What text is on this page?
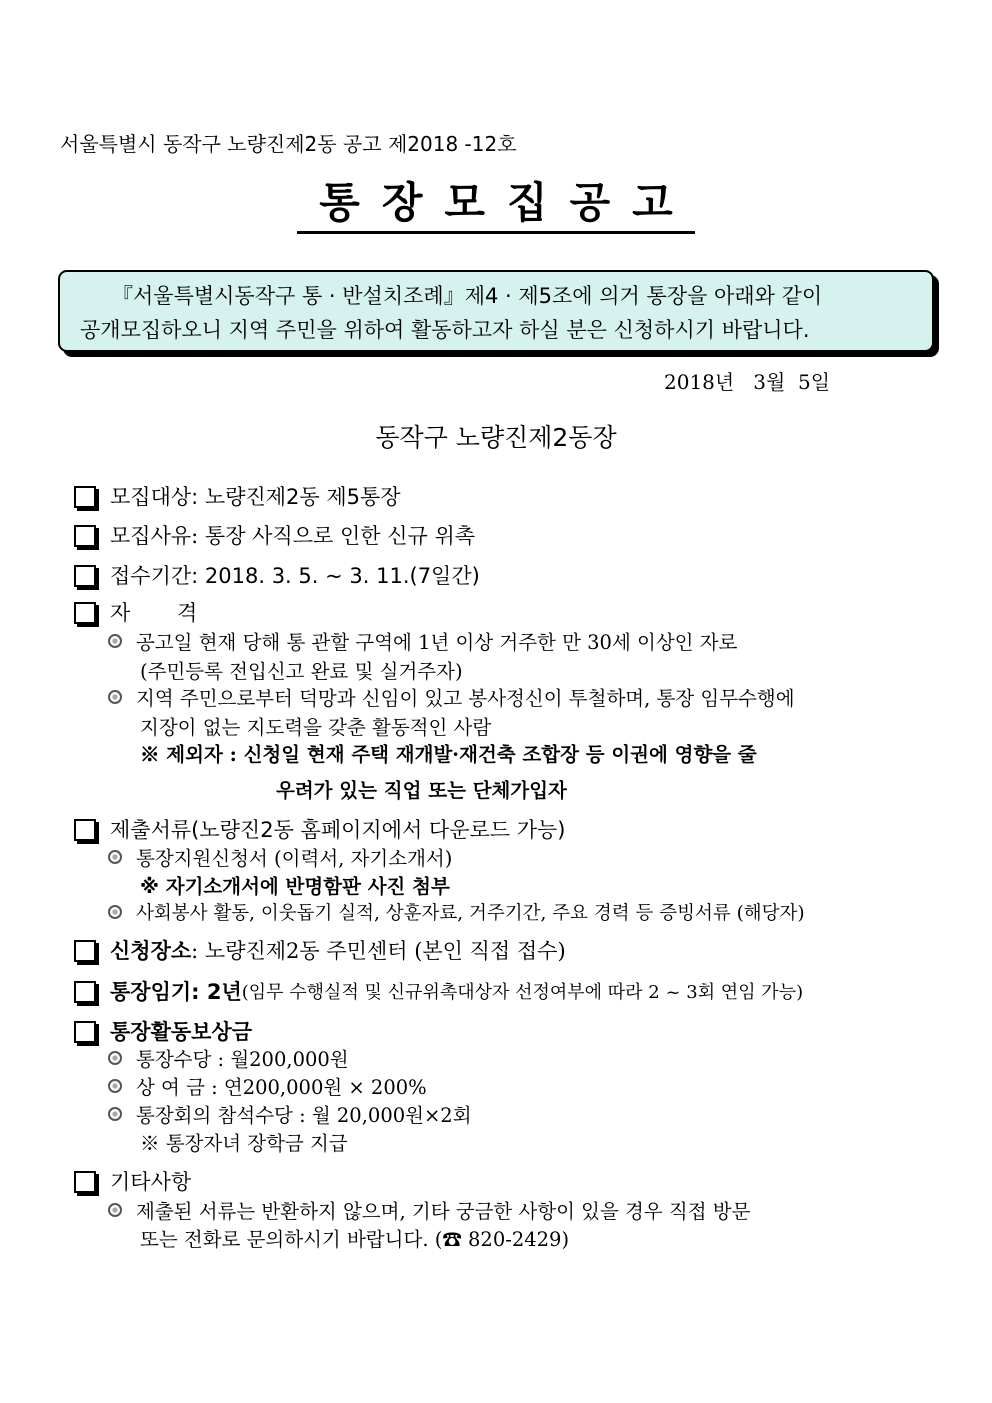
서울특별시 동작구 노량진제2동 공고 제2018 -12호
통장모집공고
『서울특별시동작구 통 · 반설치조례』제4 · 제5조에 의거 통장을 아래와 같이
공개모집하오니 지역 주민을 위하여 활동하고자 하실 분은 신청하시기 바랍니다.
2018년   3월  5일
동작구 노량진제2동장
모집대상 : 노량진제2동 제5통장
모집사유 : 통장 사직으로 인한 신규 위촉
접수기간 : 2018. 3. 5. ~ 3. 11.(7일간)
자       격
공고일 현재 당해 통 관할 구역에 1년 이상 거주한 만 30세 이상인 자로
(주민등록 전입신고 완료 및 실거주자)
지역 주민으로부터 덕망과 신임이 있고 봉사정신이 투철하며, 통장 임무수행에
지장이 없는 지도력을 갖춘 활동적인 사람
※ 제외자 : 신청일 현재 주택 재개발·재건축 조합장 등 이권에 영향을 줄
우려가 있는 직업 또는 단체가입자
제출서류 (노량진2동 홈페이지에서 다운로드 가능)
통장지원신청서 (이력서, 자기소개서)
※ 자기소개서에 반명함판 사진 첨부
사회봉사 활동, 이웃돕기 실적, 상훈자료, 거주기간, 주요 경력 등 증빙서류 (해당자)
신청장소 : 노량진제2동 주민센터 (본인 직접 접수)
통장임기 : 2년 (임무 수행실적 및 신규위촉대상자 선정여부에 따라 2 ~ 3회 연임 가능)
통장활동보상금
통장수당 : 월200,000원
상 여 금 : 연200,000원 × 200%
통장회의 참석수당 : 월 20,000원×2회
※ 통장자녀 장학금 지급
기타사항
제출된 서류는 반환하지 않으며, 기타 궁금한 사항이 있을 경우 직접 방문
또는 전화로 문의하시기 바랍니다. (☎ 820-2429)
